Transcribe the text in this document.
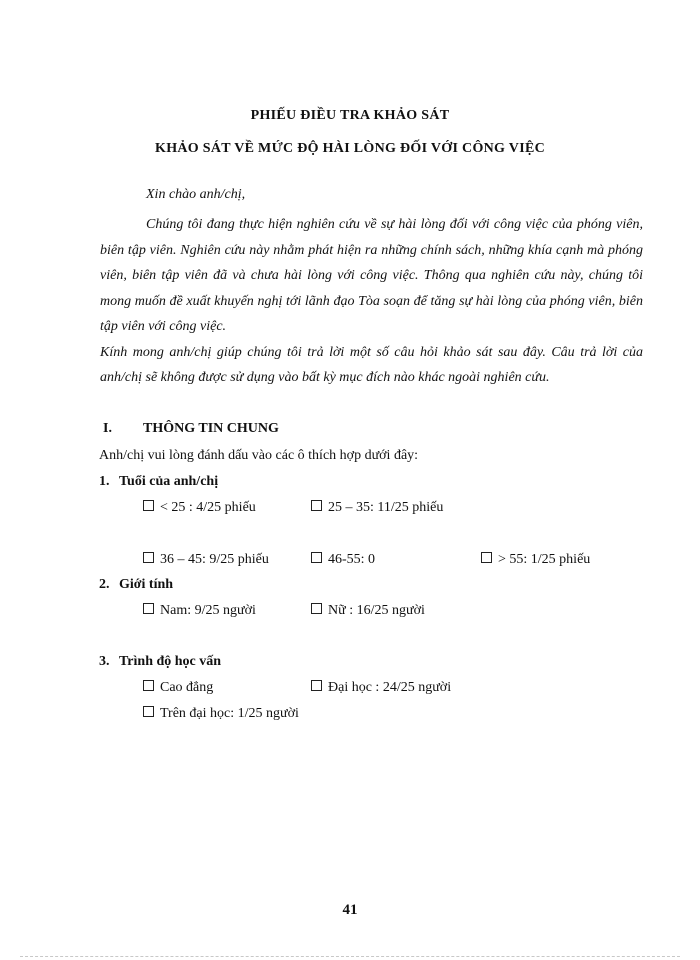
PHIẾU ĐIỀU TRA KHẢO SÁT
KHẢO SÁT VỀ MỨC ĐỘ HÀI LÒNG ĐỐI VỚI CÔNG VIỆC
Xin chào anh/chị,

Chúng tôi đang thực hiện nghiên cứu về sự hài lòng đối với công việc của phóng viên, biên tập viên. Nghiên cứu này nhằm phát hiện ra những chính sách, những khía cạnh mà phóng viên, biên tập viên đã và chưa hài lòng với công việc. Thông qua nghiên cứu này, chúng tôi mong muốn đề xuất khuyến nghị tới lãnh đạo Tòa soạn để tăng sự hài lòng của phóng viên, biên tập viên với công việc.

Kính mong anh/chị giúp chúng tôi trả lời một số câu hỏi khảo sát sau đây. Câu trả lời của anh/chị sẽ không được sử dụng vào bất kỳ mục đích nào khác ngoài nghiên cứu.

I. THÔNG TIN CHUNG
Anh/chị vui lòng đánh dấu vào các ô thích hợp dưới đây:
1. Tuổi của anh/chị
< 25 : 4/25 phiếu	25 – 35: 11/25 phiếu
36 – 45: 9/25 phiếu	46-55: 0	> 55: 1/25 phiếu
2. Giới tính
Nam: 9/25 người	Nữ : 16/25 người
3. Trình độ học vấn
Cao đẳng	Đại học : 24/25 người
Trên đại học: 1/25 người
41
